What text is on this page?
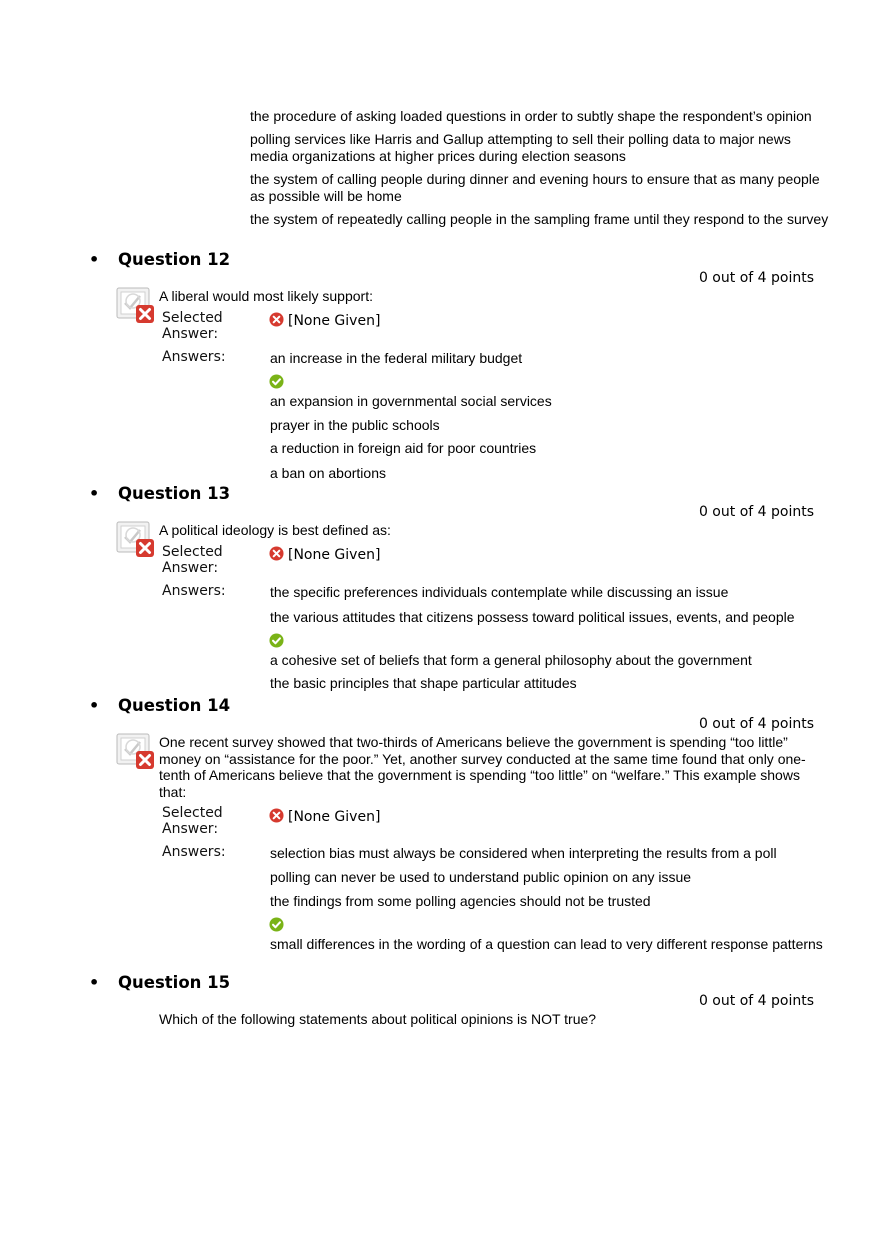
the procedure of asking loaded questions in order to subtly shape the respondent’s opinion
polling services like Harris and Gallup attempting to sell their polling data to major news media organizations at higher prices during election seasons
the system of calling people during dinner and evening hours to ensure that as many people as possible will be home
the system of repeatedly calling people in the sampling frame until they respond to the survey
• Question 12
0 out of 4 points
A liberal would most likely support:
Selected Answer:
[None Given]
Answers:	an increase in the federal military budget
an expansion in governmental social services
prayer in the public schools
a reduction in foreign aid for poor countries
a ban on abortions
• Question 13
0 out of 4 points
A political ideology is best defined as:
Selected Answer:
[None Given]
Answers:	the specific preferences individuals contemplate while discussing an issue
the various attitudes that citizens possess toward political issues, events, and people
a cohesive set of beliefs that form a general philosophy about the government
the basic principles that shape particular attitudes
• Question 14
0 out of 4 points
One recent survey showed that two-thirds of Americans believe the government is spending “too little” money on “assistance for the poor.” Yet, another survey conducted at the same time found that only one-tenth of Americans believe that the government is spending “too little” on “welfare.” This example shows that:
Selected Answer:
[None Given]
Answers:	selection bias must always be considered when interpreting the results from a poll
polling can never be used to understand public opinion on any issue
the findings from some polling agencies should not be trusted
small differences in the wording of a question can lead to very different response patterns
• Question 15
0 out of 4 points
Which of the following statements about political opinions is NOT true?
